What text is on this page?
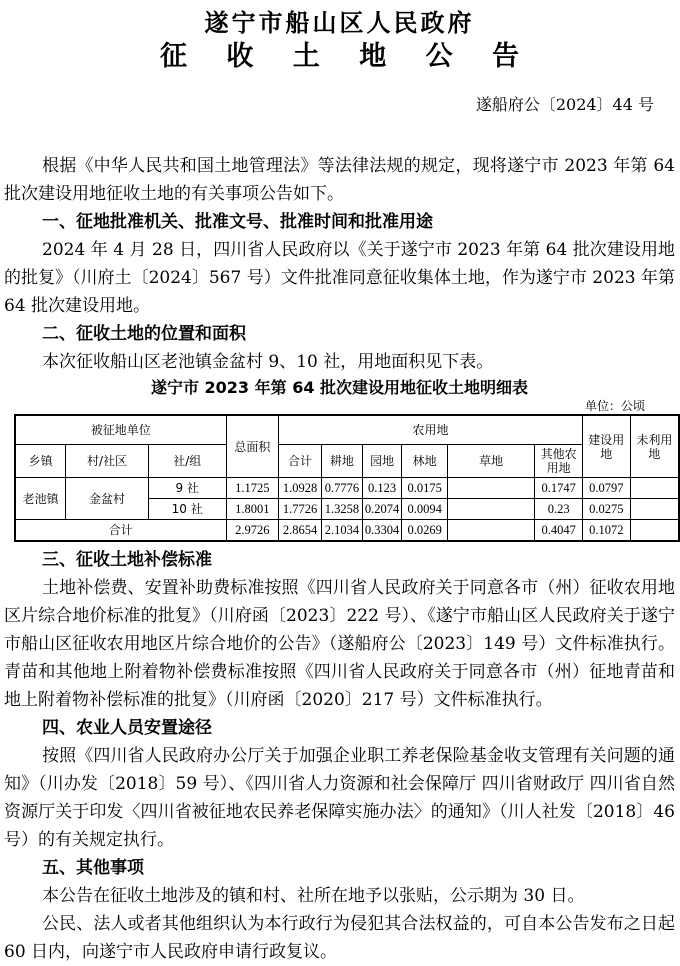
遂宁市船山区人民政府
征 收 土 地 公 告
遂船府公〔2024〕44 号

根据《中华人民共和国土地管理法》等法律法规的规定，现将遂宁市 2023 年第 64 批次建设用地征收土地的有关事项公告如下。

一、征地批准机关、批准文号、批准时间和批准用途

2024 年 4 月 28 日，四川省人民政府以《关于遂宁市 2023 年第 64 批次建设用地的批复》（川府土〔2024〕567 号）文件批准同意征收集体土地，作为遂宁市 2023 年第 64 批次建设用地。

二、征收土地的位置和面积

本次征收船山区老池镇金盆村 9、10 社，用地面积见下表。

遂宁市 2023 年第 64 批次建设用地征收土地明细表
单位：公顷
被征地单位			总面积	农用地						建设用地	未利用地
乡镇	村/社区	社/组		合计	耕地	园地	林地	草地	其他农用地		
老池镇	金盆村	9 社	1.1725	1.0928	0.7776	0.123	0.0175		0.1747	0.0797	
		10 社	1.8001	1.7726	1.3258	0.2074	0.0094		0.23	0.0275	
合计			2.9726	2.8654	2.1034	0.3304	0.0269		0.4047	0.1072	

三、征收土地补偿标准

土地补偿费、安置补助费标准按照《四川省人民政府关于同意各市（州）征收农用地区片综合地价标准的批复》（川府函〔2023〕222 号）、《遂宁市船山区人民政府关于遂宁市船山区征收农用地区片综合地价的公告》（遂船府公〔2023〕149 号）文件标准执行。青苗和其他地上附着物补偿费标准按照《四川省人民政府关于同意各市（州）征地青苗和地上附着物补偿标准的批复》（川府函〔2020〕217 号）文件标准执行。

四、农业人员安置途径

按照《四川省人民政府办公厅关于加强企业职工养老保险基金收支管理有关问题的通知》（川办发〔2018〕59 号）、《四川省人力资源和社会保障厅 四川省财政厅 四川省自然资源厅关于印发〈四川省被征地农民养老保障实施办法〉的通知》（川人社发〔2018〕46 号）的有关规定执行。

五、其他事项

本公告在征收土地涉及的镇和村、社所在地予以张贴，公示期为 30 日。

公民、法人或者其他组织认为本行政行为侵犯其合法权益的，可自本公告发布之日起 60 日内，向遂宁市人民政府申请行政复议。
